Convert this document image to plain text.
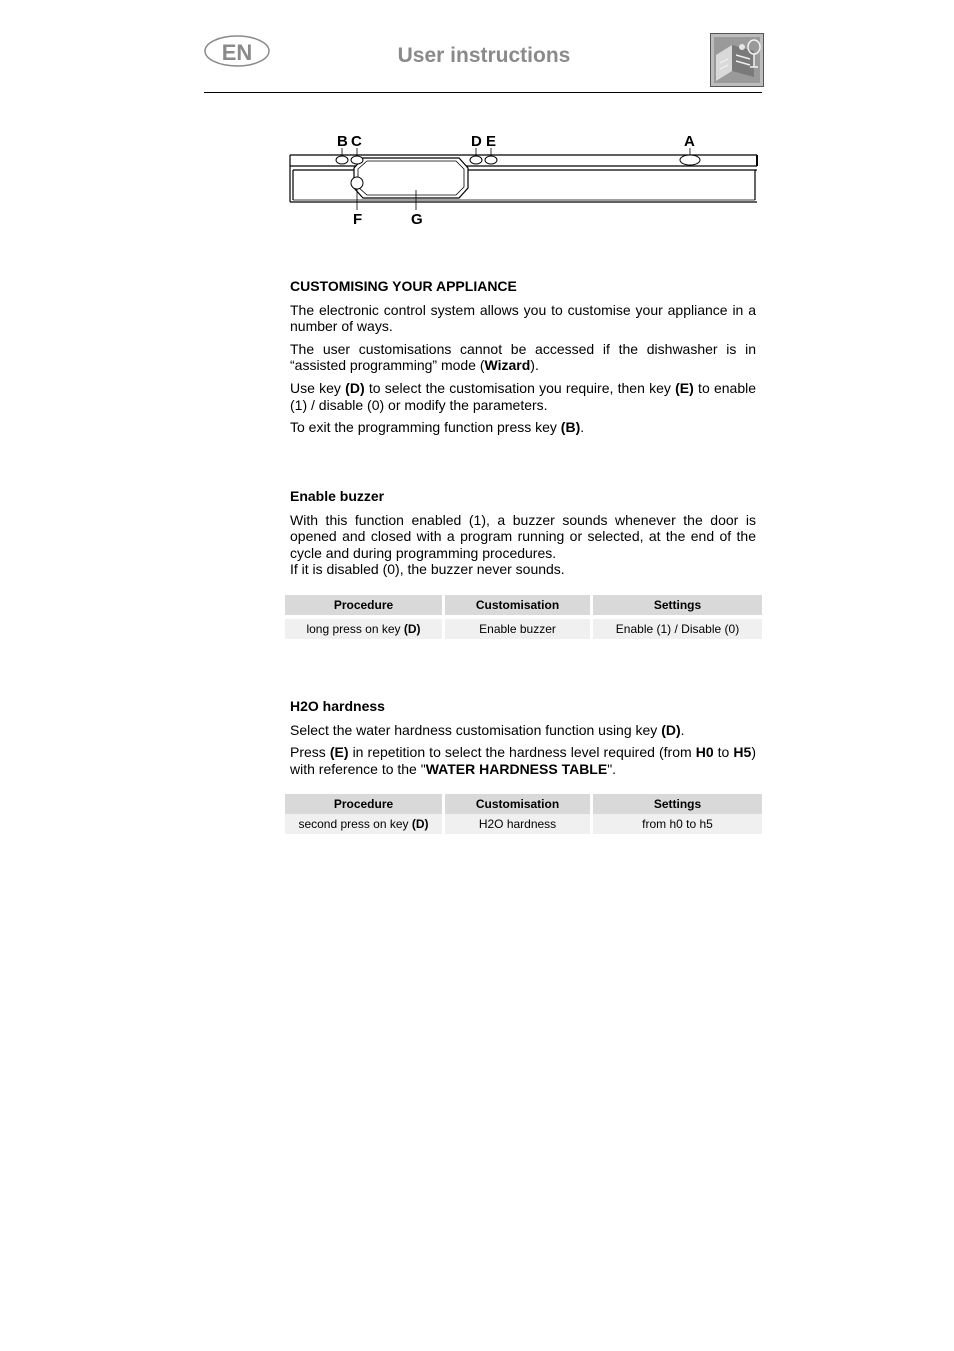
EN	User instructions
B C	D E	A
F	G
CUSTOMISING YOUR APPLIANCE

The electronic control system allows you to customise your appliance in a number of ways.

The user customisations cannot be accessed if the dishwasher is in “assisted programming” mode (Wizard).

Use key (D) to select the customisation you require, then key (E) to enable (1) / disable (0) or modify the parameters.

To exit the programming function press key (B).

Enable buzzer

With this function enabled (1), a buzzer sounds whenever the door is opened and closed with a program running or selected, at the end of the cycle and during programming procedures.

If it is disabled (0), the buzzer never sounds.

Procedure	Customisation	Settings

long press on key (D)	Enable buzzer	Enable (1) / Disable (0)
H2O hardness

Select the water hardness customisation function using key (D).

Press (E) in repetition to select the hardness level required (from H0 to H5) with reference to the "WATER HARDNESS TABLE".

Procedure	Customisation	Settings
second press on key (D)	H2O hardness	from h0 to h5
